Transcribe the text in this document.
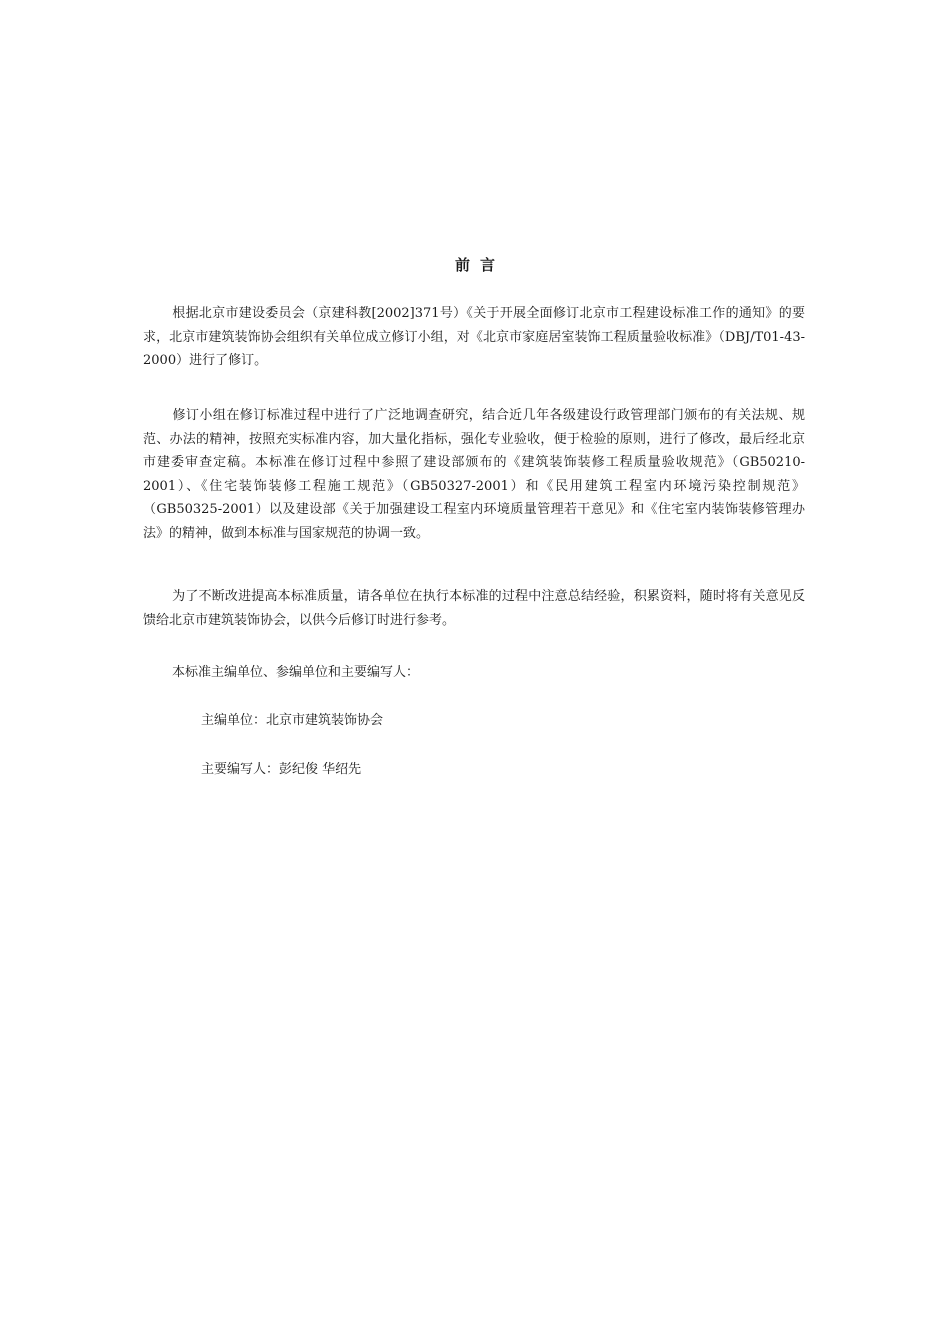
前 言

根据北京市建设委员会（京建科教[2002]371号）《关于开展全面修订北京市工程建设标准工作的通知》的要求，北京市建筑装饰协会组织有关单位成立修订小组，对《北京市家庭居室装饰工程质量验收标准》（DBJ/T01-43-2000）进行了修订。

修订小组在修订标准过程中进行了广泛地调查研究，结合近几年各级建设行政管理部门颁布的有关法规、规范、办法的精神，按照充实标准内容，加大量化指标，强化专业验收，便于检验的原则，进行了修改，最后经北京市建委审查定稿。本标准在修订过程中参照了建设部颁布的《建筑装饰装修工程质量验收规范》（GB50210-2001）、《住宅装饰装修工程施工规范》（GB50327-2001）和《民用建筑工程室内环境污染控制规范》（GB50325-2001）以及建设部《关于加强建设工程室内环境质量管理若干意见》和《住宅室内装饰装修管理办法》的精神，做到本标准与国家规范的协调一致。

为了不断改进提高本标准质量，请各单位在执行本标准的过程中注意总结经验，积累资料，随时将有关意见反馈给北京市建筑装饰协会，以供今后修订时进行参考。

本标准主编单位、参编单位和主要编写人：

主编单位：北京市建筑装饰协会

主要编写人：彭纪俊 华绍先
